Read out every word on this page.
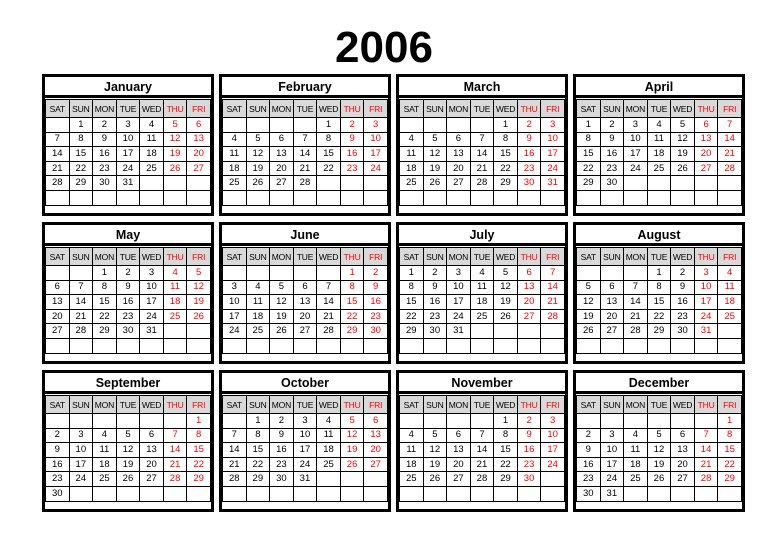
2006
January
SAT	SUN	MON	TUE	WED	THU	FRI
	1	2	3	4	5	6
7	8	9	10	11	12	13
14	15	16	17	18	19	20
21	22	23	24	25	26	27
28	29	30	31			

February
SAT	SUN	MON	TUE	WED	THU	FRI
				1	2	3
4	5	6	7	8	9	10
11	12	13	14	15	16	17
18	19	20	21	22	23	24
25	26	27	28			

March
SAT	SUN	MON	TUE	WED	THU	FRI
				1	2	3
4	5	6	7	8	9	10
11	12	13	14	15	16	17
18	19	20	21	22	23	24
25	26	27	28	29	30	31

April
SAT	SUN	MON	TUE	WED	THU	FRI
1	2	3	4	5	6	7
8	9	10	11	12	13	14
15	16	17	18	19	20	21
22	23	24	25	26	27	28
29	30					

May
SAT	SUN	MON	TUE	WED	THU	FRI
		1	2	3	4	5
6	7	8	9	10	11	12
13	14	15	16	17	18	19
20	21	22	23	24	25	26
27	28	29	30	31		

June
SAT	SUN	MON	TUE	WED	THU	FRI
					1	2
3	4	5	6	7	8	9
10	11	12	13	14	15	16
17	18	19	20	21	22	23
24	25	26	27	28	29	30

July
SAT	SUN	MON	TUE	WED	THU	FRI
1	2	3	4	5	6	7
8	9	10	11	12	13	14
15	16	17	18	19	20	21
22	23	24	25	26	27	28
29	30	31				

August
SAT	SUN	MON	TUE	WED	THU	FRI
			1	2	3	4
5	6	7	8	9	10	11
12	13	14	15	16	17	18
19	20	21	22	23	24	25
26	27	28	29	30	31	

September
SAT	SUN	MON	TUE	WED	THU	FRI
						1
2	3	4	5	6	7	8
9	10	11	12	13	14	15
16	17	18	19	20	21	22
23	24	25	26	27	28	29
30						
October
SAT	SUN	MON	TUE	WED	THU	FRI
	1	2	3	4	5	6
7	8	9	10	11	12	13
14	15	16	17	18	19	20
21	22	23	24	25	26	27
28	29	30	31			

November
SAT	SUN	MON	TUE	WED	THU	FRI
				1	2	3
4	5	6	7	8	9	10
11	12	13	14	15	16	17
18	19	20	21	22	23	24
25	26	27	28	29	30	

December
SAT	SUN	MON	TUE	WED	THU	FRI
						1
2	3	4	5	6	7	8
9	10	11	12	13	14	15
16	17	18	19	20	21	22
23	24	25	26	27	28	29
30	31					
